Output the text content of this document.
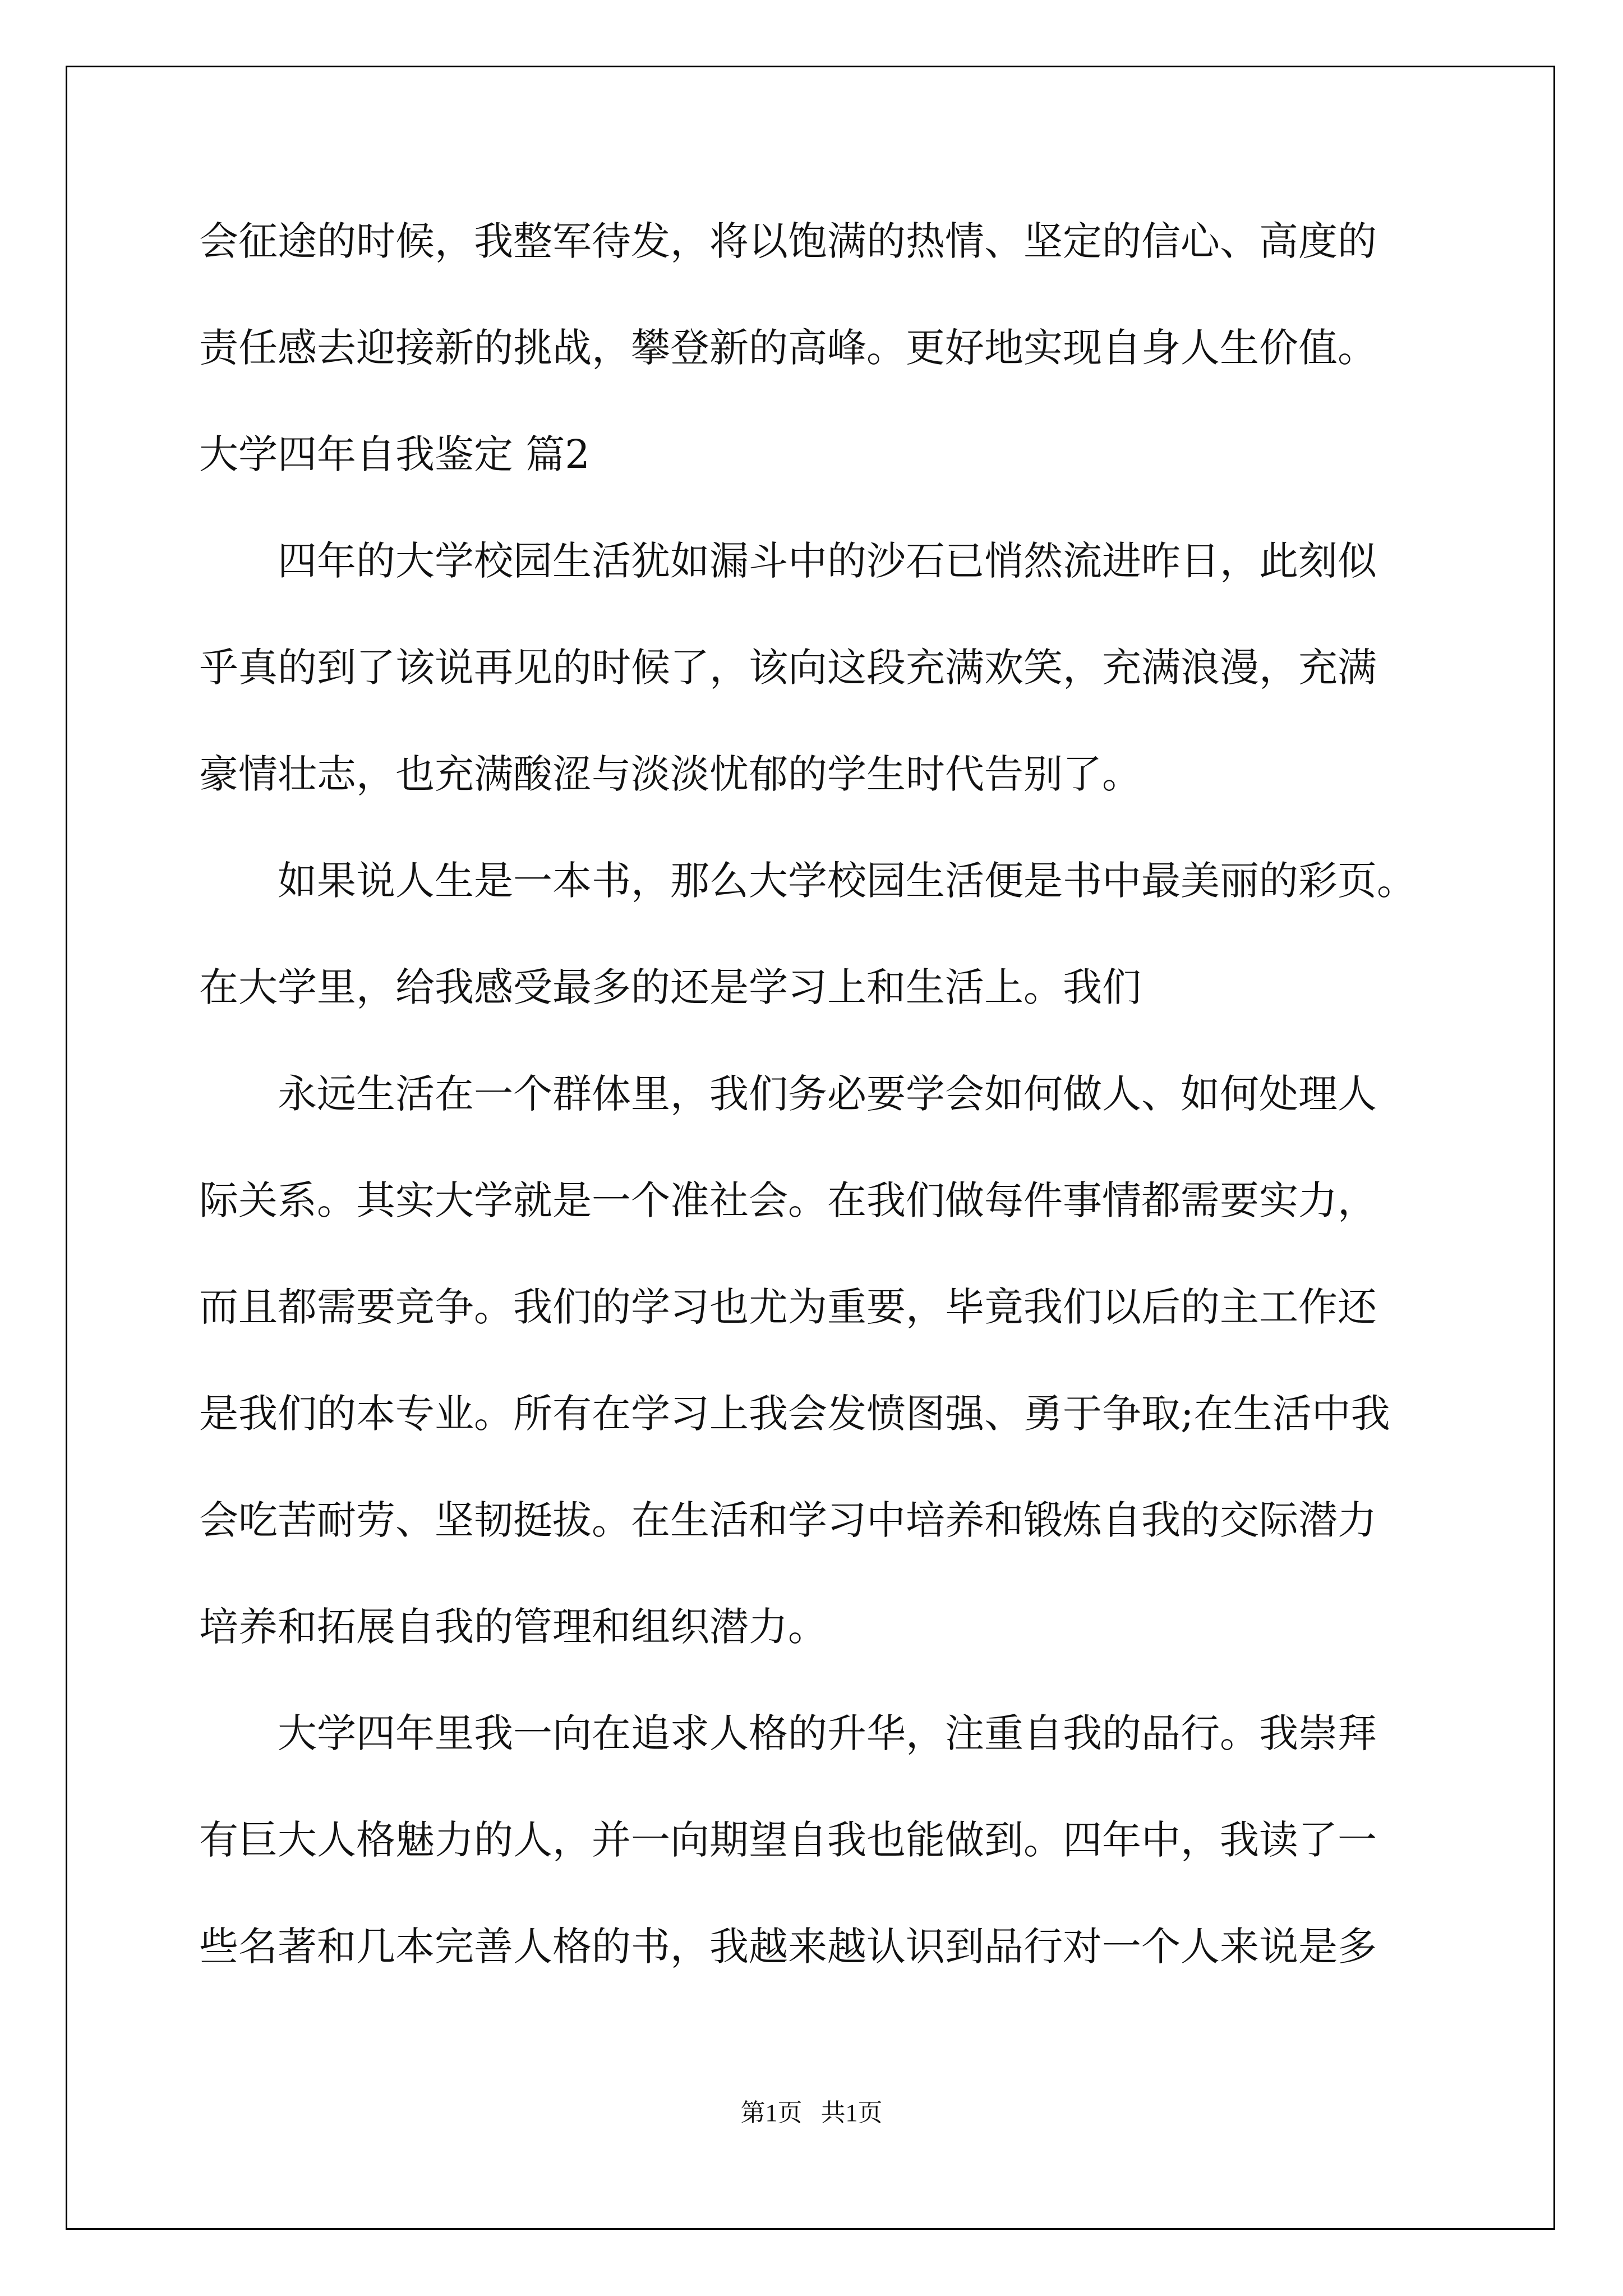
会征途的时候，我整军待发，将以饱满的热情、坚定的信心、高度的
责任感去迎接新的挑战，攀登新的高峰。更好地实现自身人生价值。
大学四年自我鉴定 篇2
四年的大学校园生活犹如漏斗中的沙石已悄然流进昨日，此刻似
乎真的到了该说再见的时候了，该向这段充满欢笑，充满浪漫，充满
豪情壮志，也充满酸涩与淡淡忧郁的学生时代告别了。
如果说人生是一本书，那么大学校园生活便是书中最美丽的彩页。
在大学里，给我感受最多的还是学习上和生活上。我们
永远生活在一个群体里，我们务必要学会如何做人、如何处理人
际关系。其实大学就是一个准社会。在我们做每件事情都需要实力，
而且都需要竞争。我们的学习也尤为重要，毕竟我们以后的主工作还
是我们的本专业。所有在学习上我会发愤图强、勇于争取;在生活中我
会吃苦耐劳、坚韧挺拔。在生活和学习中培养和锻炼自我的交际潜力
培养和拓展自我的管理和组织潜力。
大学四年里我一向在追求人格的升华，注重自我的品行。我崇拜
有巨大人格魅力的人，并一向期望自我也能做到。四年中，我读了一
些名著和几本完善人格的书，我越来越认识到品行对一个人来说是多
第1页   共1页
